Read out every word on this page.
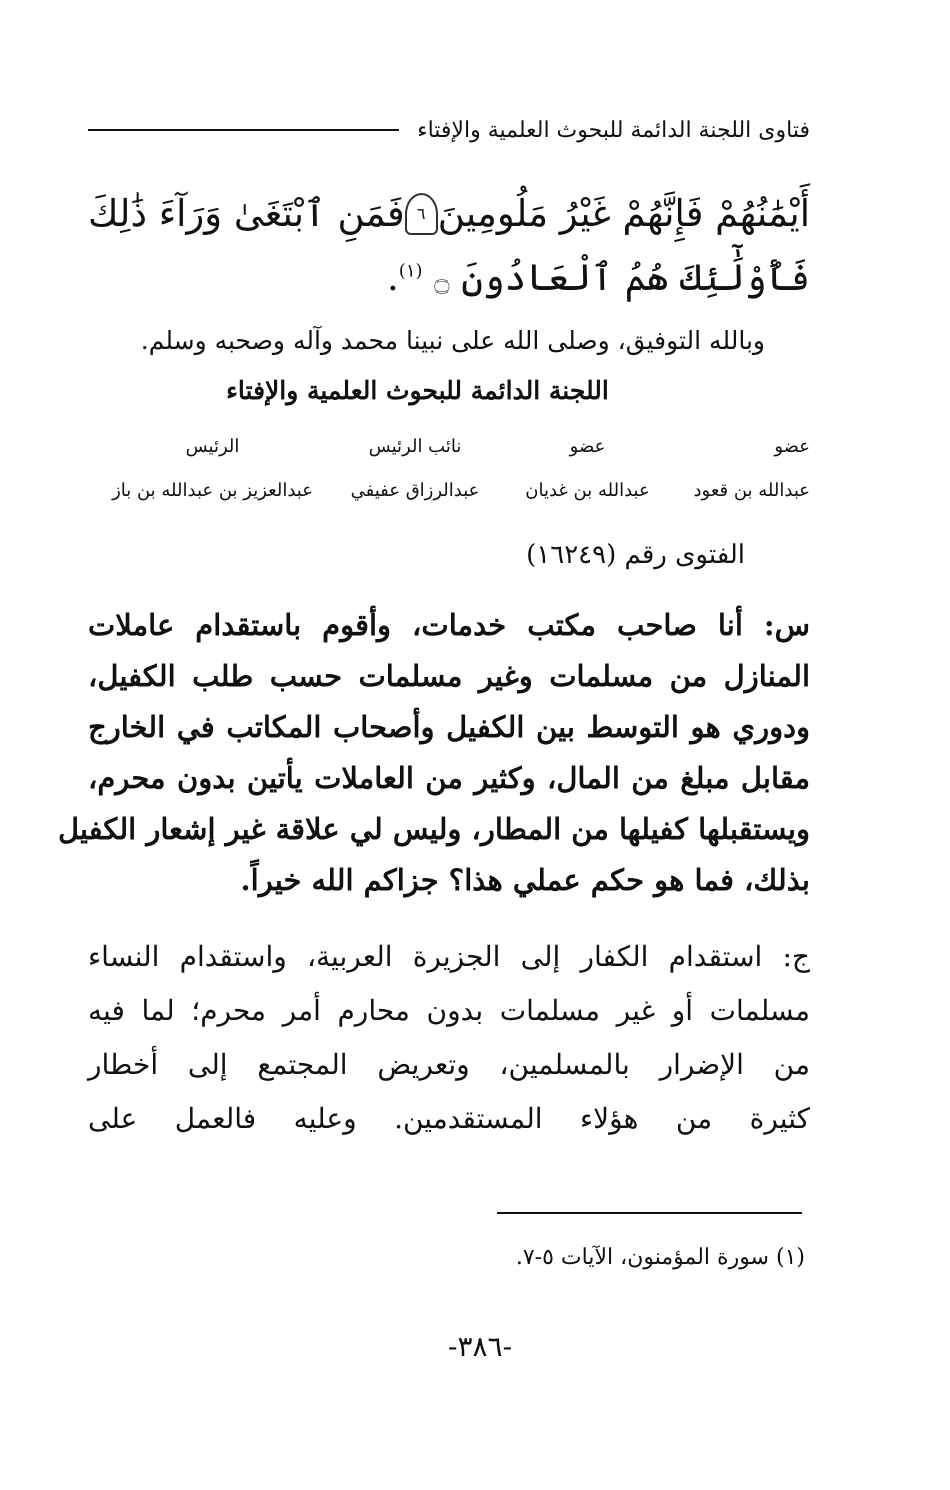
فتاوى اللجنة الدائمة للبحوث العلمية والإفتاء
أَيْمَٰنُهُمْ فَإِنَّهُمْ غَيْرُ مَلُومِينَ
٦
فَمَنِ ٱبْتَغَىٰ وَرَآءَ ذَٰلِكَ
فَأُوْلَٰٓئِكَ هُمُ ٱلْعَادُونَ ۝ $^{(١)}$.
وبالله التوفيق، وصلى الله على نبينا محمد وآله وصحبه وسلم.
اللجنة الدائمة للبحوث العلمية والإفتاء
عضو
عضو
نائب الرئيس
الرئيس
عبدالله بن قعود
عبدالله بن غديان
عبدالرزاق عفيفي
عبدالعزيز بن عبدالله بن باز
الفتوى رقم (١٦٢٤٩)
س: أنا صاحب مكتب خدمات، وأقوم باستقدام عاملات
المنازل من مسلمات وغير مسلمات حسب طلب الكفيل،
ودوري هو التوسط بين الكفيل وأصحاب المكاتب في الخارج
مقابل مبلغ من المال، وكثير من العاملات يأتين بدون محرم،
ويستقبلها كفيلها من المطار، وليس لي علاقة غير إشعار الكفيل
بذلك، فما هو حكم عملي هذا؟ جزاكم الله خيراً.
ج: استقدام الكفار إلى الجزيرة العربية، واستقدام النساء
مسلمات أو غير مسلمات بدون محارم أمر محرم؛ لما فيه
من الإضرار بالمسلمين، وتعريض المجتمع إلى أخطار
كثيرة من هؤلاء المستقدمين. وعليه فالعمل على
(١) سورة المؤمنون، الآيات ٥-٧.
-٣٨٦-
